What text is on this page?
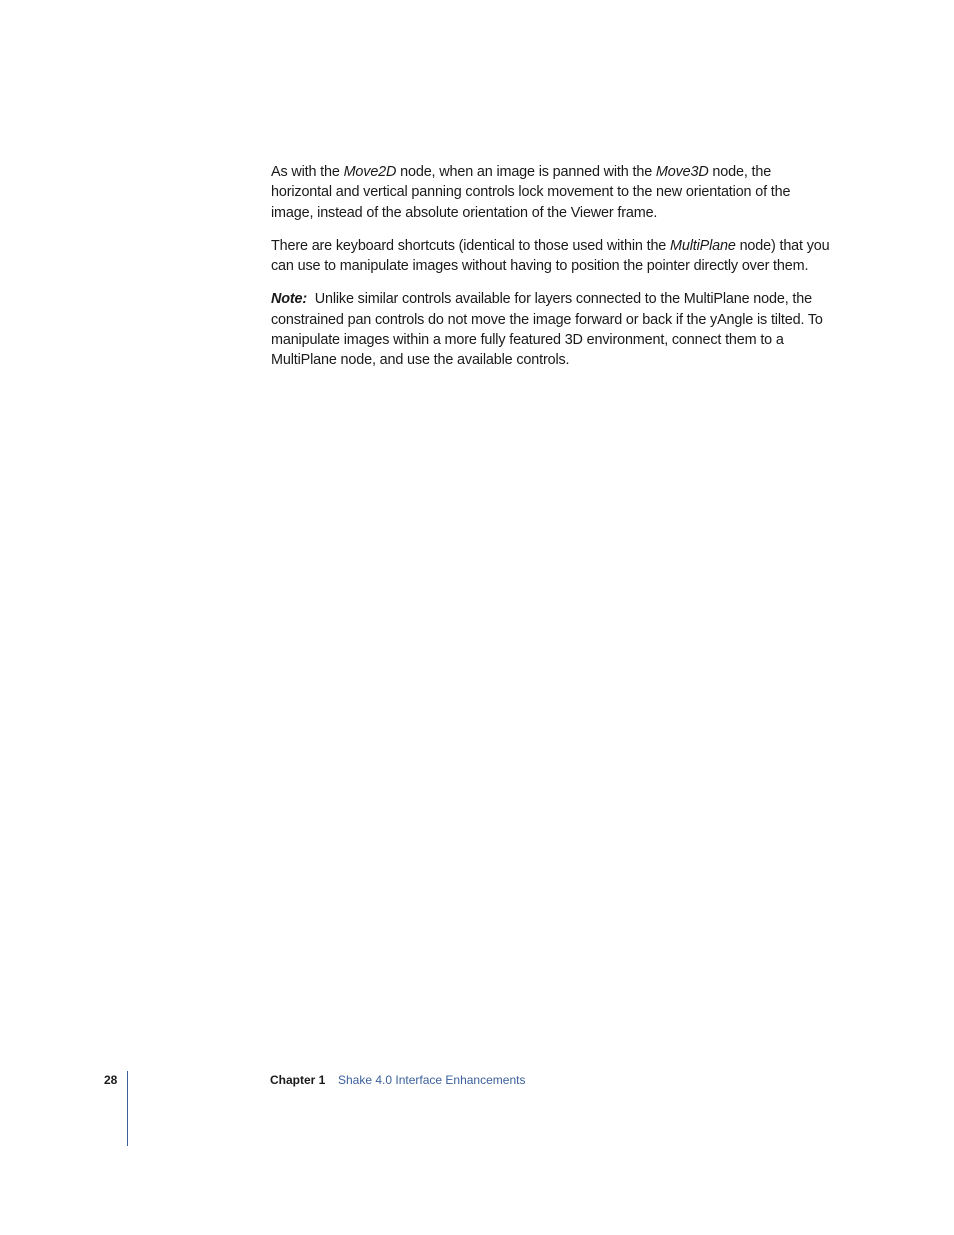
As with the Move2D node, when an image is panned with the Move3D node, the horizontal and vertical panning controls lock movement to the new orientation of the image, instead of the absolute orientation of the Viewer frame.

There are keyboard shortcuts (identical to those used within the MultiPlane node) that you can use to manipulate images without having to position the pointer directly over them.

Note: Unlike similar controls available for layers connected to the MultiPlane node, the constrained pan controls do not move the image forward or back if the yAngle is tilted. To manipulate images within a more fully featured 3D environment, connect them to a MultiPlane node, and use the available controls.

28	Chapter 1 Shake 4.0 Interface Enhancements
